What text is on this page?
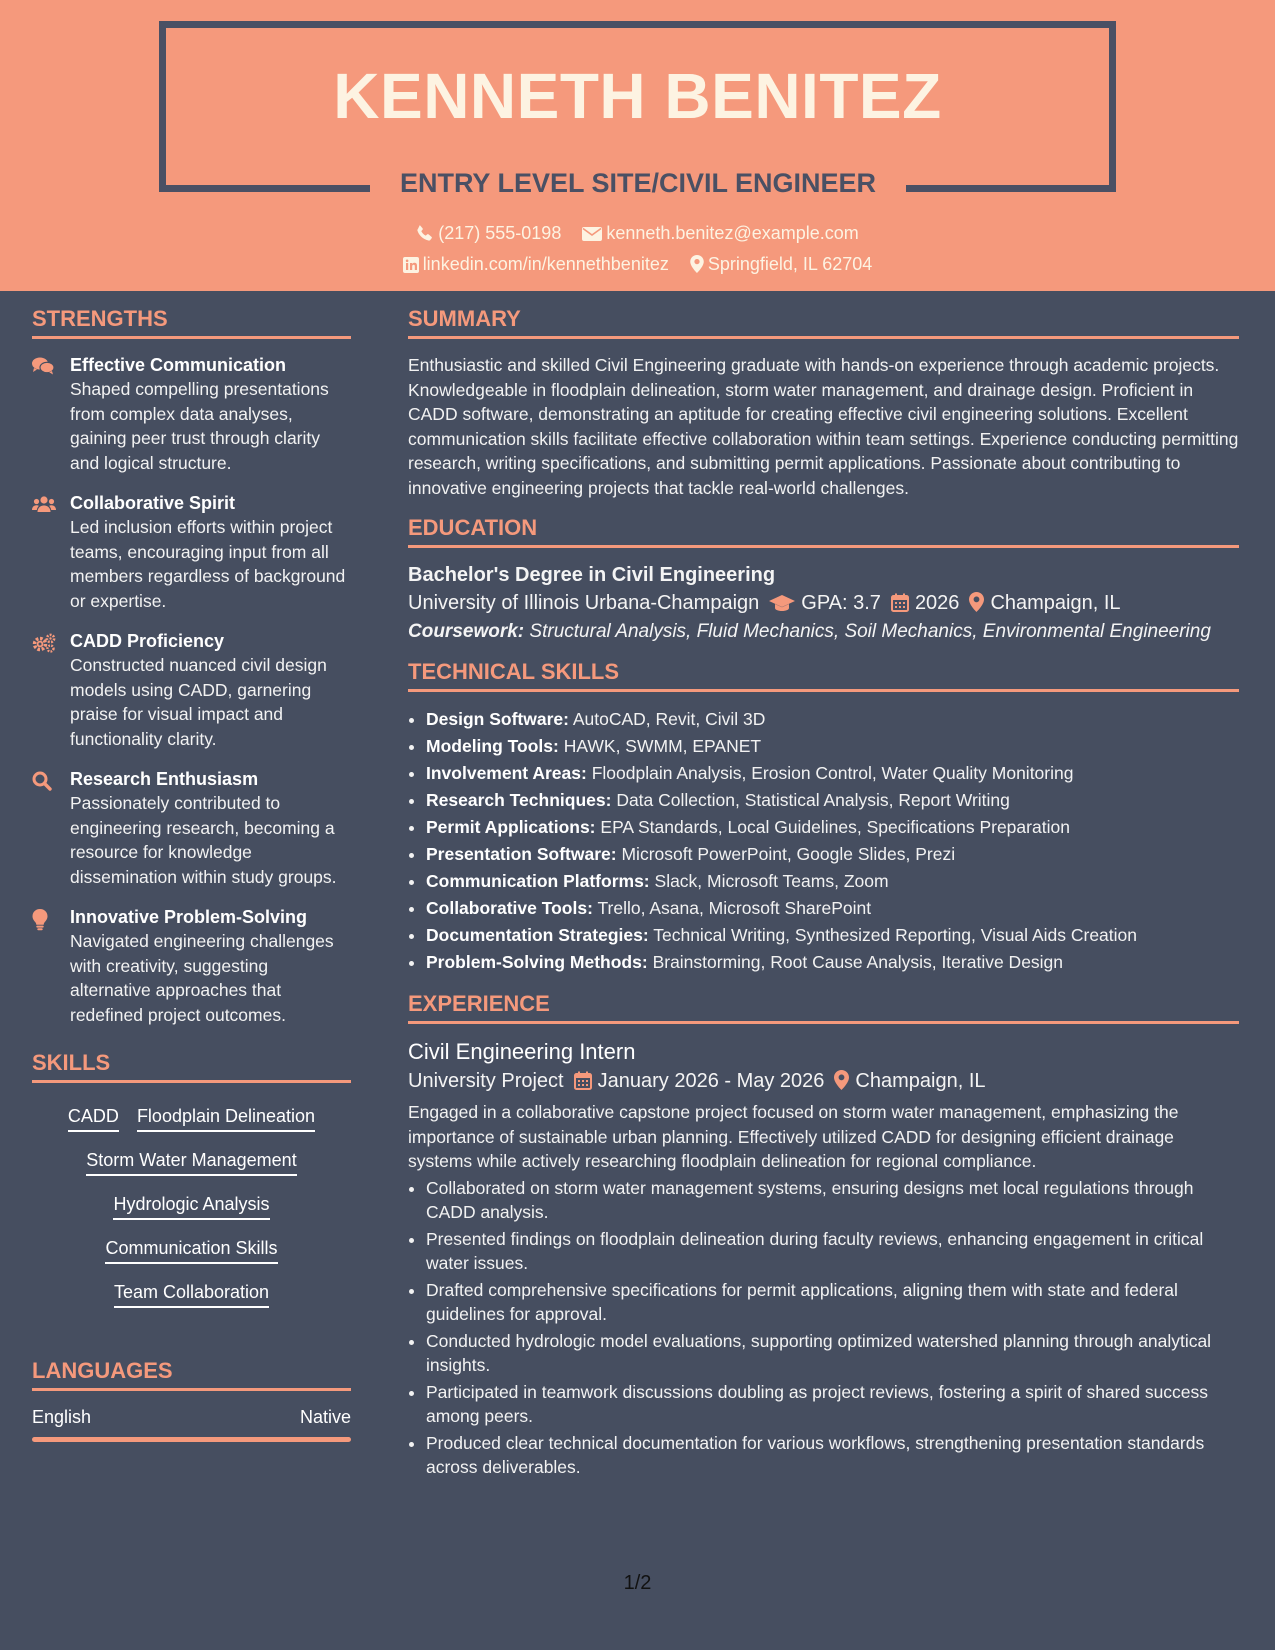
KENNETH BENITEZ
ENTRY LEVEL SITE/CIVIL ENGINEER
(217) 555-0198	kenneth.benitez@example.com
linkedin.com/in/kennethbenitez Springfield, IL 62704
STRENGTHS
Effective Communication
Shaped compelling presentations from complex data analyses, gaining peer trust through clarity and logical structure.
Collaborative Spirit
Led inclusion efforts within project teams, encouraging input from all members regardless of background or expertise.
CADD Proficiency
Constructed nuanced civil design models using CADD, garnering praise for visual impact and functionality clarity.
Research Enthusiasm
Passionately contributed to engineering research, becoming a resource for knowledge dissemination within study groups.
Innovative Problem-Solving
Navigated engineering challenges with creativity, suggesting alternative approaches that redefined project outcomes.
SKILLS
CADD Floodplain Delineation
Storm Water Management
Hydrologic Analysis
Communication Skills
Team Collaboration
LANGUAGES
English	Native
SUMMARY

Enthusiastic and skilled Civil Engineering graduate with hands-on experience through academic projects. Knowledgeable in floodplain delineation, storm water management, and drainage design. Proficient in CADD software, demonstrating an aptitude for creating effective civil engineering solutions. Excellent communication skills facilitate effective collaboration within team settings. Experience conducting permitting research, writing specifications, and submitting permit applications. Passionate about contributing to innovative engineering projects that tackle real-world challenges.

EDUCATION
Bachelor's Degree in Civil Engineering
University of Illinois Urbana-Champaign GPA: 3.7 2026 Champaign, IL
Coursework: Structural Analysis, Fluid Mechanics, Soil Mechanics, Environmental Engineering
TECHNICAL SKILLS
• Design Software: AutoCAD, Revit, Civil 3D
• Modeling Tools: HAWK, SWMM, EPANET
• Involvement Areas: Floodplain Analysis, Erosion Control, Water Quality Monitoring
• Research Techniques: Data Collection, Statistical Analysis, Report Writing
• Permit Applications: EPA Standards, Local Guidelines, Specifications Preparation
• Presentation Software: Microsoft PowerPoint, Google Slides, Prezi
• Communication Platforms: Slack, Microsoft Teams, Zoom
• Collaborative Tools: Trello, Asana, Microsoft SharePoint
• Documentation Strategies: Technical Writing, Synthesized Reporting, Visual Aids Creation
• Problem-Solving Methods: Brainstorming, Root Cause Analysis, Iterative Design
EXPERIENCE
Civil Engineering Intern
University Project January 2026 - May 2026 Champaign, IL

Engaged in a collaborative capstone project focused on storm water management, emphasizing the importance of sustainable urban planning. Effectively utilized CADD for designing efficient drainage systems while actively researching floodplain delineation for regional compliance.

• Collaborated on storm water management systems, ensuring designs met local regulations through CADD analysis.
• Presented findings on floodplain delineation during faculty reviews, enhancing engagement in critical water issues.
• Drafted comprehensive specifications for permit applications, aligning them with state and federal guidelines for approval.
• Conducted hydrologic model evaluations, supporting optimized watershed planning through analytical insights.
• Participated in teamwork discussions doubling as project reviews, fostering a spirit of shared success among peers.
• Produced clear technical documentation for various workflows, strengthening presentation standards across deliverables.
1/2
